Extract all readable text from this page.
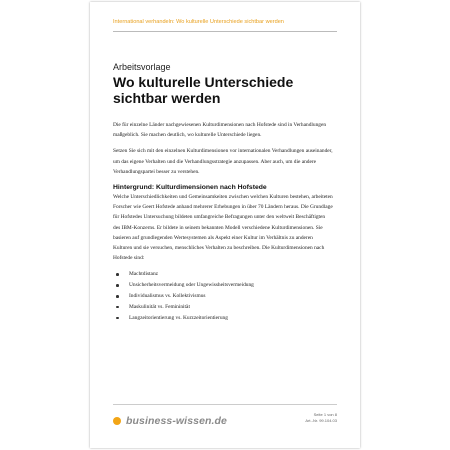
International verhandeln: Wo kulturelle Unterschiede sichtbar werden
Arbeitsvorlage
Wo kulturelle Unterschiede sichtbar werden

Die für einzelne Länder nachgewiesenen Kulturdimensionen nach Hofstede sind in Verhandlungen maßgeblich. Sie machen deutlich, wo kulturelle Unterschiede liegen.

Setzen Sie sich mit den einzelnen Kulturdimensionen vor internationalen Verhandlungen auseinander, um das eigene Verhalten und die Verhandlungsstrategie anzupassen. Aber auch, um die andere Verhandlungspartei besser zu verstehen.

Hintergrund: Kulturdimensionen nach Hofstede

Welche Unterschiedlichkeiten und Gemeinsamkeiten zwischen welchen Kulturen bestehen, arbeiteten Forscher wie Geert Hofstede anhand mehrerer Erhebungen in über 70 Ländern heraus. Die Grundlage für Hofstedes Untersuchung bildeten umfangreiche Befragungen unter den weltweit Beschäftigten des IBM-Konzerns. Er bildete in seinem bekannten Modell verschiedene Kulturdimensionen. Sie basieren auf grundlegenden Wertesystemen als Aspekt einer Kultur im Verhältnis zu anderen Kulturen und sie versuchen, menschliches Verhalten zu beschreiben. Die Kulturdimensionen nach Hofstede sind:

Machtdistanz
Unsicherheitsvermeidung oder Ungewissheitsvermeidung
Individualismus vs. Kollektivismus
Maskulinität vs. Femininität
Langzeitorientierung vs. Kurzzeitorientierung
business-wissen.de
Seite 1 von 8
Art.-Nr. 99.104.03
